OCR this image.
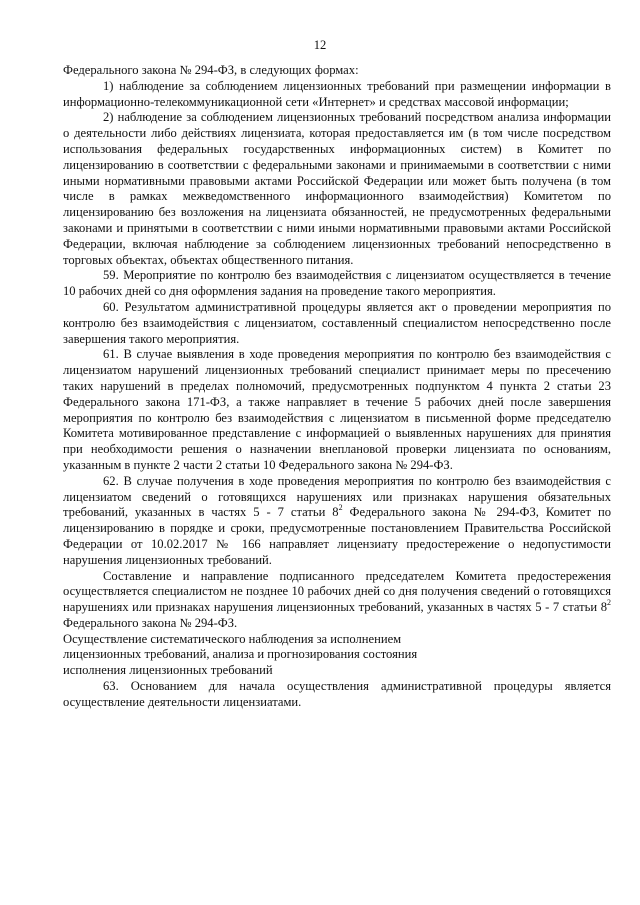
12

Федерального закона № 294-ФЗ, в следующих формах:

1) наблюдение за соблюдением лицензионных требований при размещении информации в информационно-телекоммуникационной сети «Интернет» и средствах массовой информации;

2) наблюдение за соблюдением лицензионных требований посредством анализа информации о деятельности либо действиях лицензиата, которая предоставляется им (в том числе посредством использования федеральных государственных информационных систем) в Комитет по лицензированию в соответствии с федеральными законами и принимаемыми в соответствии с ними иными нормативными правовыми актами Российской Федерации или может быть получена (в том числе в рамках межведомственного информационного взаимодействия) Комитетом по лицензированию без возложения на лицензиата обязанностей, не предусмотренных федеральными законами и принятыми в соответствии с ними иными нормативными правовыми актами Российской Федерации, включая наблюдение за соблюдением лицензионных требований непосредственно в торговых объектах, объектах общественного питания.

59. Мероприятие по контролю без взаимодействия с лицензиатом осуществляется в течение 10 рабочих дней со дня оформления задания на проведение такого мероприятия.

60. Результатом административной процедуры является акт о проведении мероприятия по контролю без взаимодействия с лицензиатом, составленный специалистом непосредственно после завершения такого мероприятия.

61. В случае выявления в ходе проведения мероприятия по контролю без взаимодействия с лицензиатом нарушений лицензионных требований специалист принимает меры по пресечению таких нарушений в пределах полномочий, предусмотренных подпунктом 4 пункта 2 статьи 23 Федерального закона 171-ФЗ, а также направляет в течение 5 рабочих дней после завершения мероприятия по контролю без взаимодействия с лицензиатом в письменной форме председателю Комитета мотивированное представление с информацией о выявленных нарушениях для принятия при необходимости решения о назначении внеплановой проверки лицензиата по основаниям, указанным в пункте 2 части 2 статьи 10 Федерального закона № 294-ФЗ.

62. В случае получения в ходе проведения мероприятия по контролю без взаимодействия с лицензиатом сведений о готовящихся нарушениях или признаках нарушения обязательных требований, указанных в частях 5 - 7 статьи $8^2$ Федерального закона № 294-ФЗ, Комитет по лицензированию в порядке и сроки, предусмотренные постановлением Правительства Российской Федерации от 10.02.2017 № 166 направляет лицензиату предостережение о недопустимости нарушения лицензионных требований.

Составление и направление подписанного председателем Комитета предостережения осуществляется специалистом не позднее 10 рабочих дней со дня получения сведений о готовящихся нарушениях или признаках нарушения лицензионных требований, указанных в частях 5 - 7 статьи $8^2$ Федерального закона № 294-ФЗ.

Осуществление систематического наблюдения за исполнением
лицензионных требований, анализа и прогнозирования состояния
исполнения лицензионных требований

63. Основанием для начала осуществления административной процедуры является осуществление деятельности лицензиатами.
